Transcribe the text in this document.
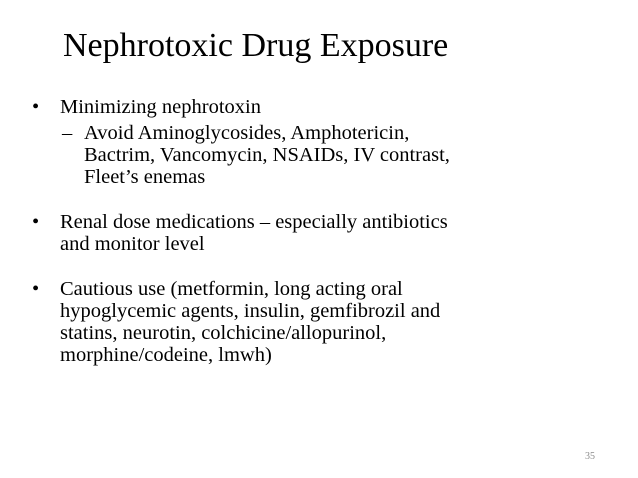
Nephrotoxic Drug Exposure
• Minimizing nephrotoxin
– Avoid Aminoglycosides, Amphotericin,
Bactrim, Vancomycin, NSAIDs, IV contrast,
Fleet’s enemas
• Renal dose medications – especially antibiotics
and monitor level
• Cautious use (metformin, long acting oral
hypoglycemic agents, insulin, gemfibrozil and
statins, neurotin, colchicine/allopurinol,
morphine/codeine, lmwh)
35
